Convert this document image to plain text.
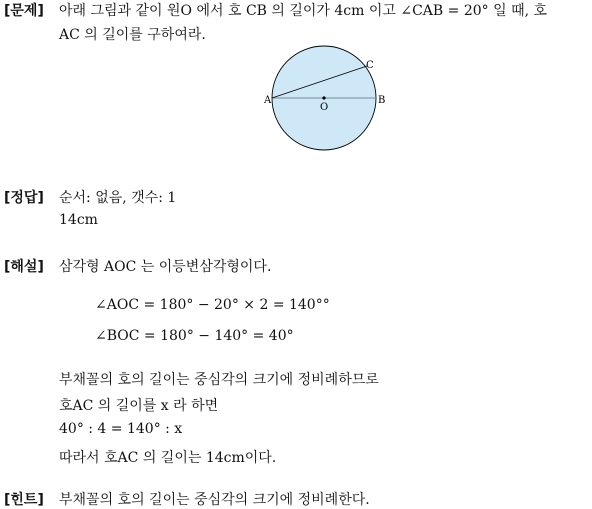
[문제] 아래 그림과 같이 원O 에서 호 CB 의 길이가 4cm 이고 ∠CAB = 20° 일 때, 호
AC 의 길이를 구하여라.
A	B
C
O
[정답] 순서: 없음, 갯수: 1
14cm
[해설] 삼각형 AOC 는 이등변삼각형이다.
∠AOC = 180° − 20° × 2 = 140°°
∠BOC = 180° − 140° = 40°
부채꼴의 호의 길이는 중심각의 크기에 정비례하므로
호AC 의 길이를 x 라 하면
40° : 4 = 140° : x
따라서 호AC 의 길이는 14cm이다.
[힌트] 부채꼴의 호의 길이는 중심각의 크기에 정비례한다.
